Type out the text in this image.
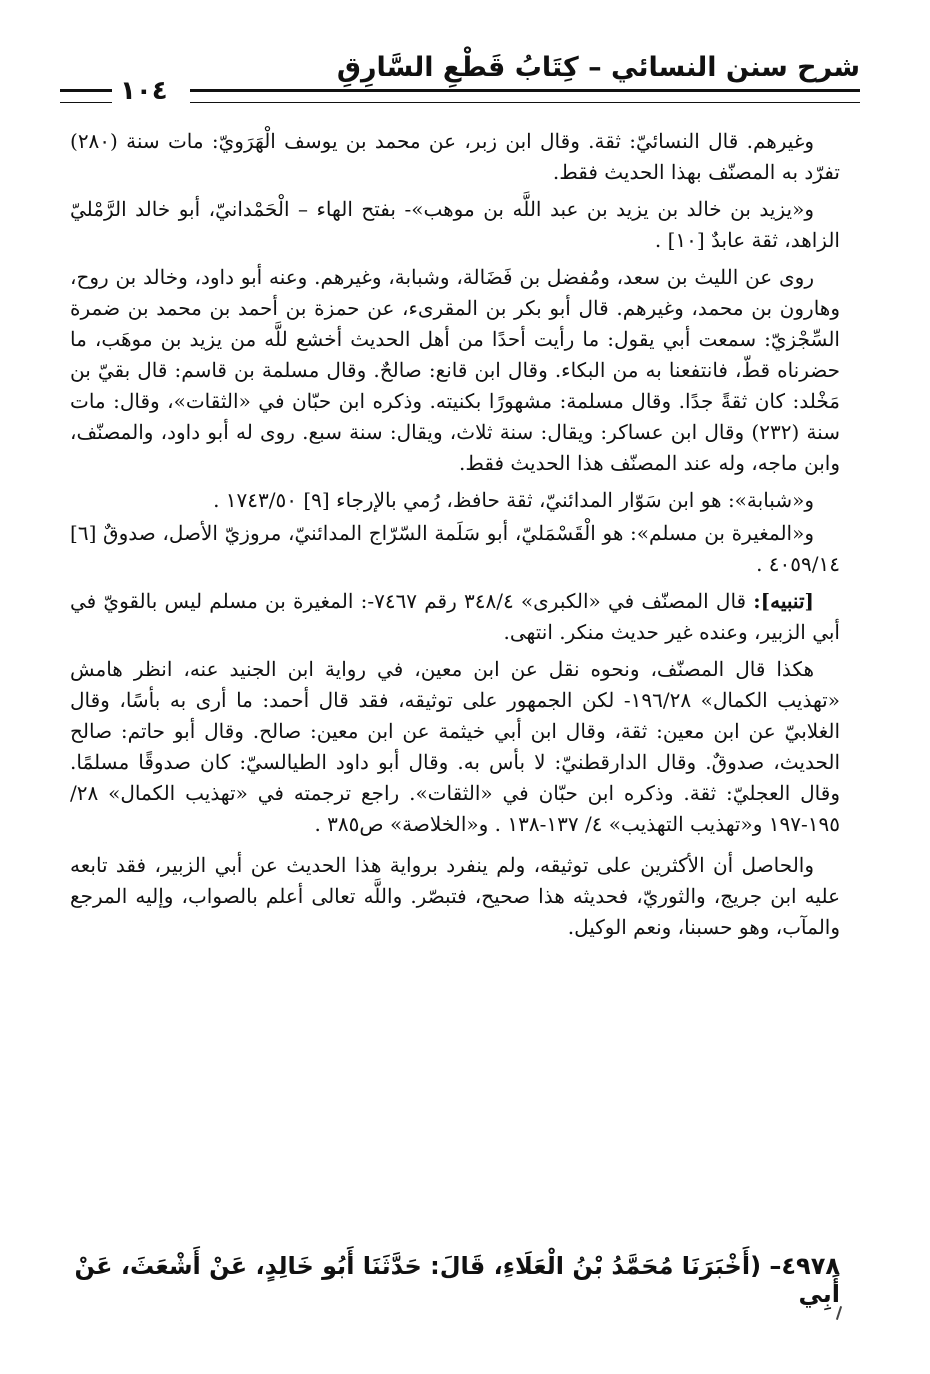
شرح سنن النسائي – كِتَابُ قَطْعِ السَّارِقِ
١٠٤

وغيرهم. قال النسائيّ: ثقة. وقال ابن زبر، عن محمد بن يوسف الْهَرَويّ: مات سنة (٢٨٠) تفرّد به المصنّف بهذا الحديث فقط.

و«يزيد بن خالد بن يزيد بن عبد اللَّه بن موهب»- بفتح الهاء – الْحَمْدانيّ، أبو خالد الرَّمْليّ الزاهد، ثقة عابدٌ [١٠] .

روى عن الليث بن سعد، ومُفضل بن فَضَالة، وشبابة، وغيرهم. وعنه أبو داود، وخالد بن روح، وهارون بن محمد، وغيرهم. قال أبو بكر بن المقرىء، عن حمزة بن أحمد بن محمد بن ضمرة السِّجْزيّ: سمعت أبي يقول: ما رأيت أحدًا من أهل الحديث أخشع للَّه من يزيد بن موهَب، ما حضرناه قطّ، فانتفعنا به من البكاء. وقال ابن قانع: صالحٌ. وقال مسلمة بن قاسم: قال بقيّ بن مَخْلد: كان ثقةً جدًا. وقال مسلمة: مشهورًا بكنيته. وذكره ابن حبّان في «الثقات»، وقال: مات سنة (٢٣٢) وقال ابن عساكر: ويقال: سنة ثلاث، ويقال: سنة سبع. روى له أبو داود، والمصنّف، وابن ماجه، وله عند المصنّف هذا الحديث فقط.

و«شبابة»: هو ابن سَوّار المدائنيّ، ثقة حافظ، رُمي بالإرجاء [٩] ١٧٤٣/٥٠ .

و«المغيرة بن مسلم»: هو الْقَسْمَليّ، أبو سَلَمة السّرّاج المدائنيّ، مروزيّ الأصل، صدوقٌ [٦] ٤٠٥٩/١٤ .

[تنبيه]: قال المصنّف في «الكبرى» ٣٤٨/٤ رقم ٧٤٦٧-: المغيرة بن مسلم ليس بالقويّ في أبي الزبير، وعنده غير حديث منكر. انتهى.

هكذا قال المصنّف، ونحوه نقل عن ابن معين، في رواية ابن الجنيد عنه، انظر هامش «تهذيب الكمال» ١٩٦/٢٨- لكن الجمهور على توثيقه، فقد قال أحمد: ما أرى به بأسًا، وقال الغلابيّ عن ابن معين: ثقة، وقال ابن أبي خيثمة عن ابن معين: صالح. وقال أبو حاتم: صالح الحديث، صدوقٌ. وقال الدارقطنيّ: لا بأس به. وقال أبو داود الطيالسيّ: كان صدوقًا مسلمًا. وقال العجليّ: ثقة. وذكره ابن حبّان في «الثقات». راجع ترجمته في «تهذيب الكمال» ٢٨/ ١٩٥-١٩٧ و«تهذيب التهذيب» ٤/ ١٣٧-١٣٨ . و«الخلاصة» ص٣٨٥ .

والحاصل أن الأكثرين على توثيقه، ولم ينفرد برواية هذا الحديث عن أبي الزبير، فقد تابعه عليه ابن جريج، والثوريّ، فحديثه هذا صحيح، فتبصّر. واللَّه تعالى أعلم بالصواب، وإليه المرجع والمآب، وهو حسبنا، ونعم الوكيل.

٤٩٧٨– (أَخْبَرَنَا مُحَمَّدُ بْنُ الْعَلَاءِ، قَالَ: حَدَّثَنَا أَبُو خَالِدٍ، عَنْ أَشْعَثَ، عَنْ أَبِي
